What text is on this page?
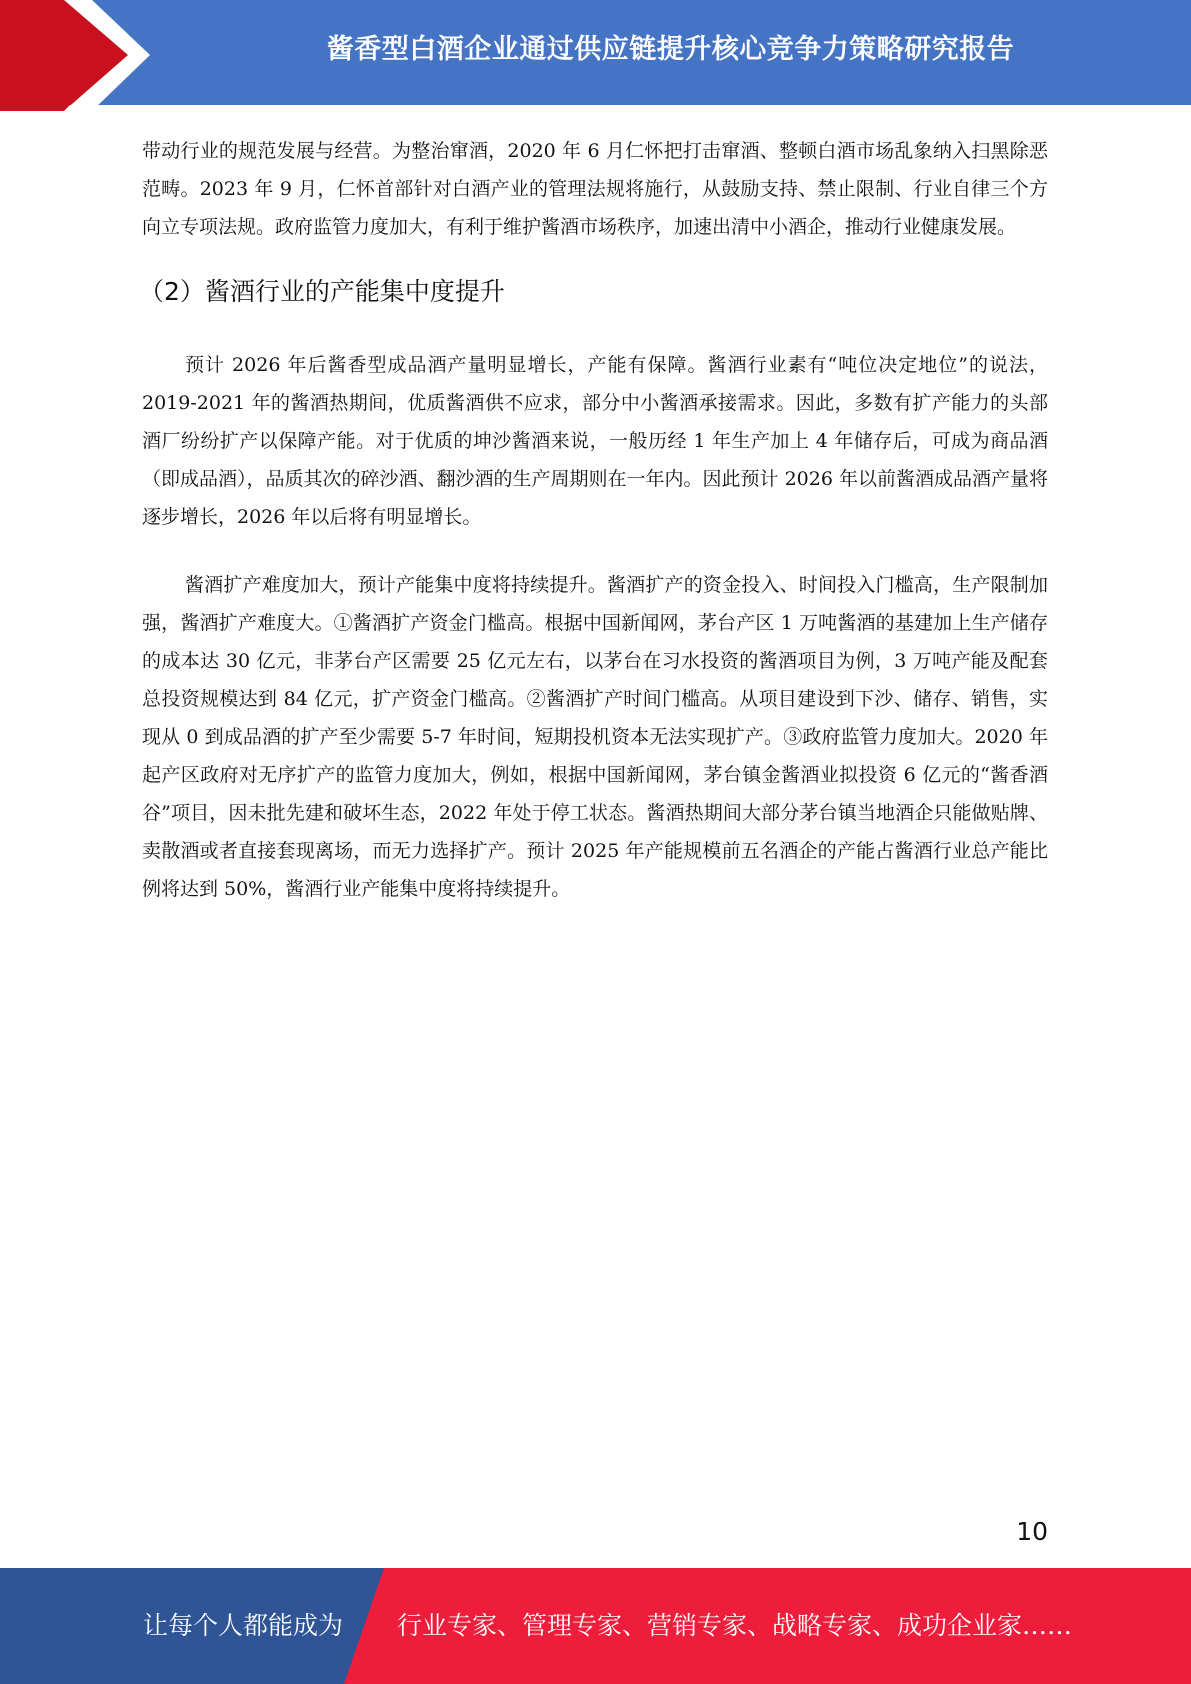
酱香型白酒企业通过供应链提升核心竞争力策略研究报告

带动行业的规范发展与经营。为整治窜酒，2020 年 6 月仁怀把打击窜酒、整顿白酒市场乱象纳入扫黑除恶范畴。2023 年 9 月，仁怀首部针对白酒产业的管理法规将施行，从鼓励支持、禁止限制、行业自律三个方向立专项法规。政府监管力度加大，有利于维护酱酒市场秩序，加速出清中小酒企，推动行业健康发展。

（2）酱酒行业的产能集中度提升

预计 2026 年后酱香型成品酒产量明显增长，产能有保障。酱酒行业素有“吨位决定地位”的说法，2019-2021 年的酱酒热期间，优质酱酒供不应求，部分中小酱酒承接需求。因此，多数有扩产能力的头部酒厂纷纷扩产以保障产能。对于优质的坤沙酱酒来说，一般历经 1 年生产加上 4 年储存后，可成为商品酒（即成品酒），品质其次的碎沙酒、翻沙酒的生产周期则在一年内。因此预计 2026 年以前酱酒成品酒产量将逐步增长，2026 年以后将有明显增长。

酱酒扩产难度加大，预计产能集中度将持续提升。酱酒扩产的资金投入、时间投入门槛高，生产限制加强，酱酒扩产难度大。①酱酒扩产资金门槛高。根据中国新闻网，茅台产区 1 万吨酱酒的基建加上生产储存的成本达 30 亿元，非茅台产区需要 25 亿元左右，以茅台在习水投资的酱酒项目为例，3 万吨产能及配套总投资规模达到 84 亿元，扩产资金门槛高。②酱酒扩产时间门槛高。从项目建设到下沙、储存、销售，实现从 0 到成品酒的扩产至少需要 5-7 年时间，短期投机资本无法实现扩产。③政府监管力度加大。2020 年起产区政府对无序扩产的监管力度加大，例如，根据中国新闻网，茅台镇金酱酒业拟投资 6 亿元的“酱香酒谷”项目，因未批先建和破坏生态，2022 年处于停工状态。酱酒热期间大部分茅台镇当地酒企只能做贴牌、卖散酒或者直接套现离场，而无力选择扩产。预计 2025 年产能规模前五名酒企的产能占酱酒行业总产能比例将达到 50%，酱酒行业产能集中度将持续提升。

10
让每个人都能成为 行业专家、管理专家、营销专家、战略专家、成功企业家……
